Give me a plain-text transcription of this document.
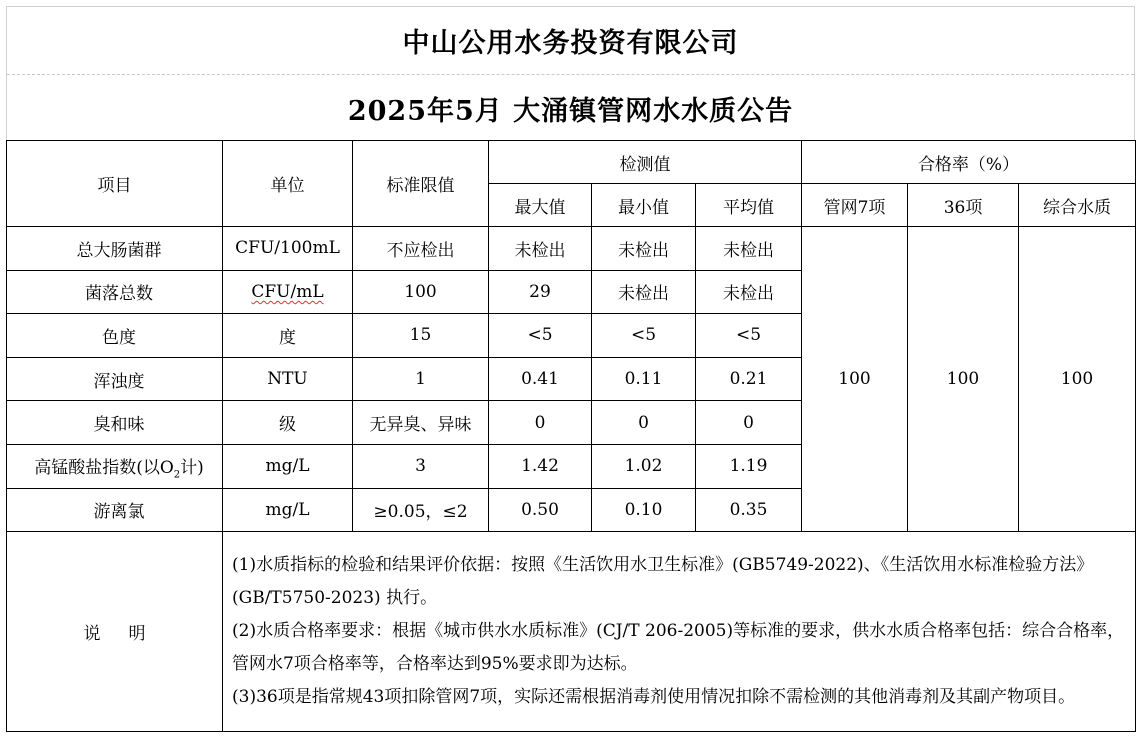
中山公用水务投资有限公司
2025年5月 大涌镇管网水水质公告
项目	单位	标准限值	检测值			合格率（%）		
			最大值	最小值	平均值	管网7项	36项	综合水质
总大肠菌群	CFU/100mL	不应检出	未检出	未检出	未检出	100	100	100
菌落总数	CFU/mL	100	29	未检出	未检出			
色度	度	15	<5	<5	<5			
浑浊度	NTU	1	0.41	0.11	0.21			
臭和味	级	无异臭、异味	0	0	0			
高锰酸盐指数(以$O_2$计)	mg/L	3	1.42	1.02	1.19			
游离氯	mg/L	≥0.05，≤2	0.50	0.10	0.35			
说明	(1)水质指标的检验和结果评价依据：按照《生活饮用水卫生标准》(GB5749-2022)、《生活饮用水标准检验方法》 (GB/T5750-2023) 执行。

(2)水质合格率要求：根据《城市供水水质标准》(CJ/T 206-2005)等标准的要求，供水水质合格率包括：综合合格率，管网水7项合格率等，合格率达到95%要求即为达标。

(3)36项是指常规43项扣除管网7项，实际还需根据消毒剂使用情况扣除不需检测的其他消毒剂及其副产物项目。							
